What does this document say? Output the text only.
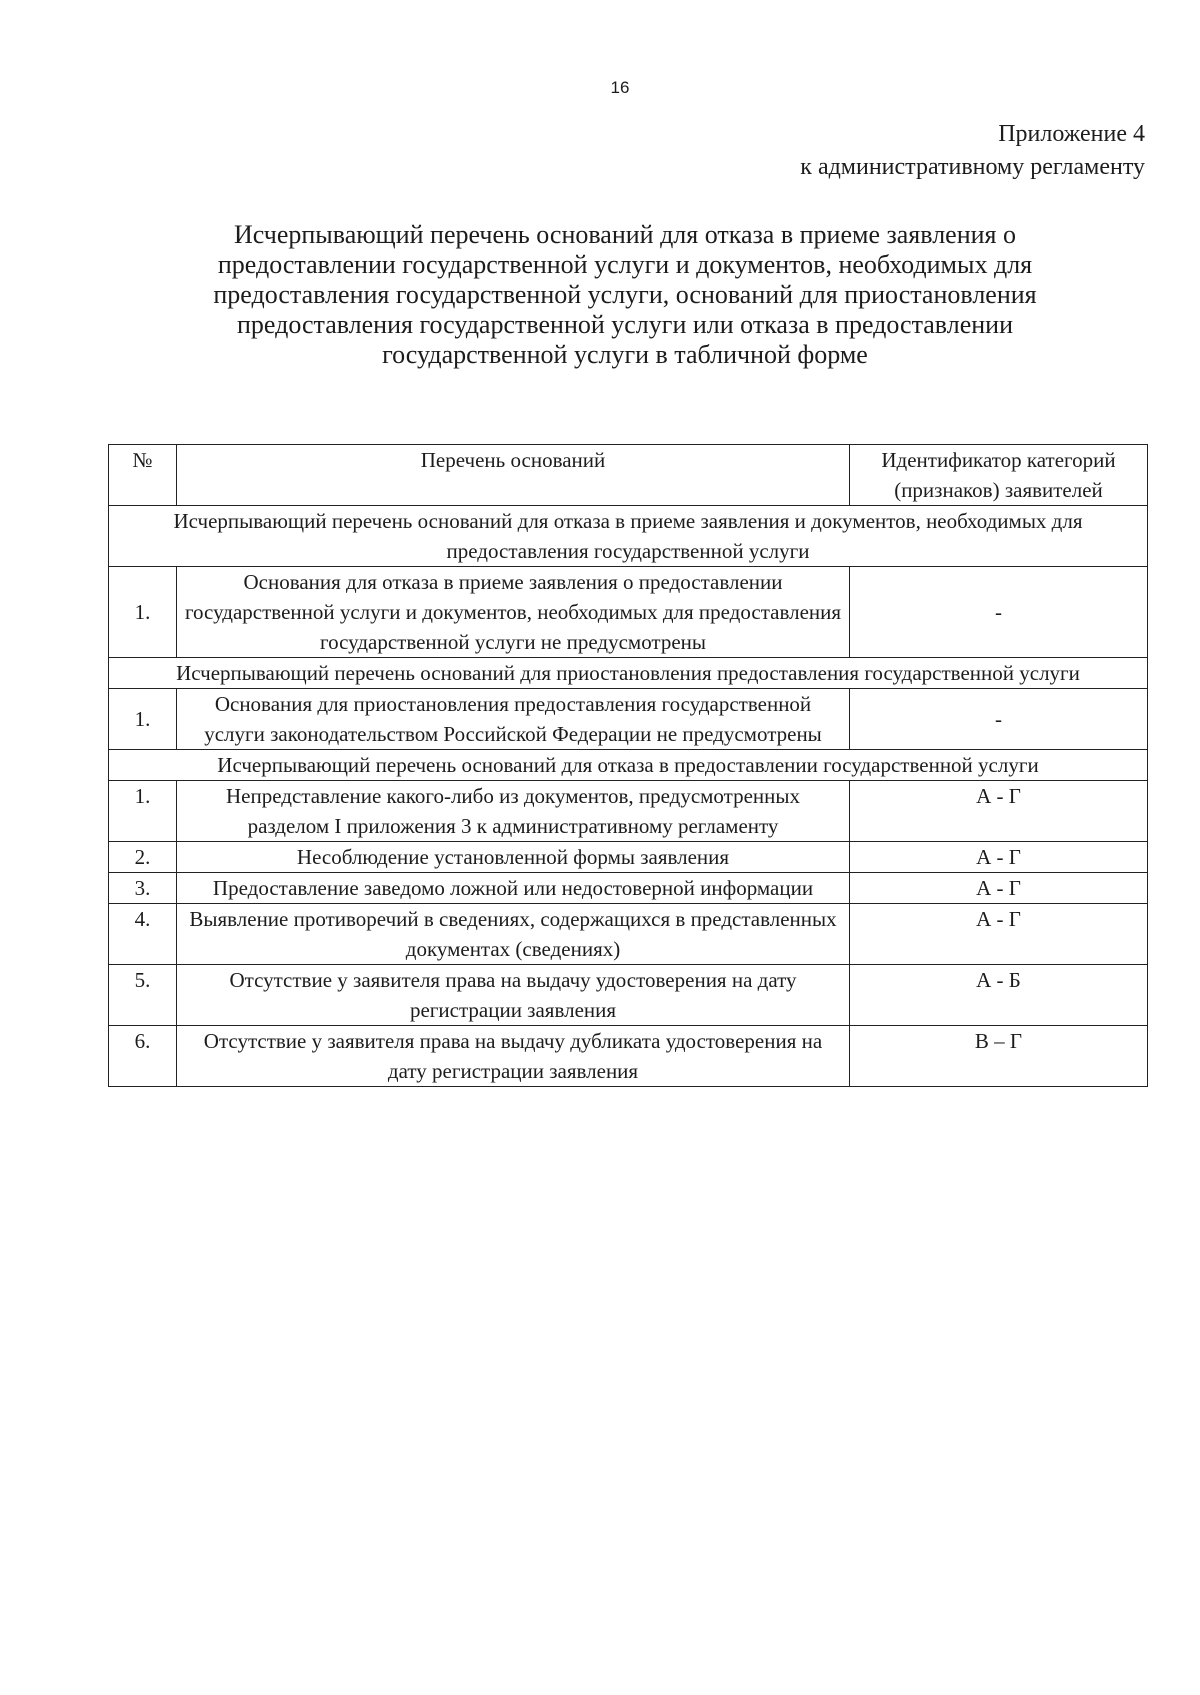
16
Приложение 4
к административному регламенту
Исчерпывающий перечень оснований для отказа в приеме заявления о предоставлении государственной услуги и документов, необходимых для предоставления государственной услуги, оснований для приостановления предоставления государственной услуги или отказа в предоставлении государственной услуги в табличной форме
№	Перечень оснований	Идентификатор категорий (признаков) заявителей
Исчерпывающий перечень оснований для отказа в приеме заявления и документов, необходимых для предоставления государственной услуги		
1.	Основания для отказа в приеме заявления о предоставлении государственной услуги и документов, необходимых для предоставления государственной услуги не предусмотрены	-
Исчерпывающий перечень оснований для приостановления предоставления государственной услуги		
1.	Основания для приостановления предоставления государственной услуги законодательством Российской Федерации не предусмотрены	-
Исчерпывающий перечень оснований для отказа в предоставлении государственной услуги		
1.	Непредставление какого-либо из документов, предусмотренных разделом I приложения 3 к административному регламенту	А - Г
2.	Несоблюдение установленной формы заявления	А - Г
3.	Предоставление заведомо ложной или недостоверной информации	А - Г
4.	Выявление противоречий в сведениях, содержащихся в представленных документах (сведениях)	А - Г
5.	Отсутствие у заявителя права на выдачу удостоверения на дату регистрации заявления	А - Б
6.	Отсутствие у заявителя права на выдачу дубликата удостоверения на дату регистрации заявления	В – Г
